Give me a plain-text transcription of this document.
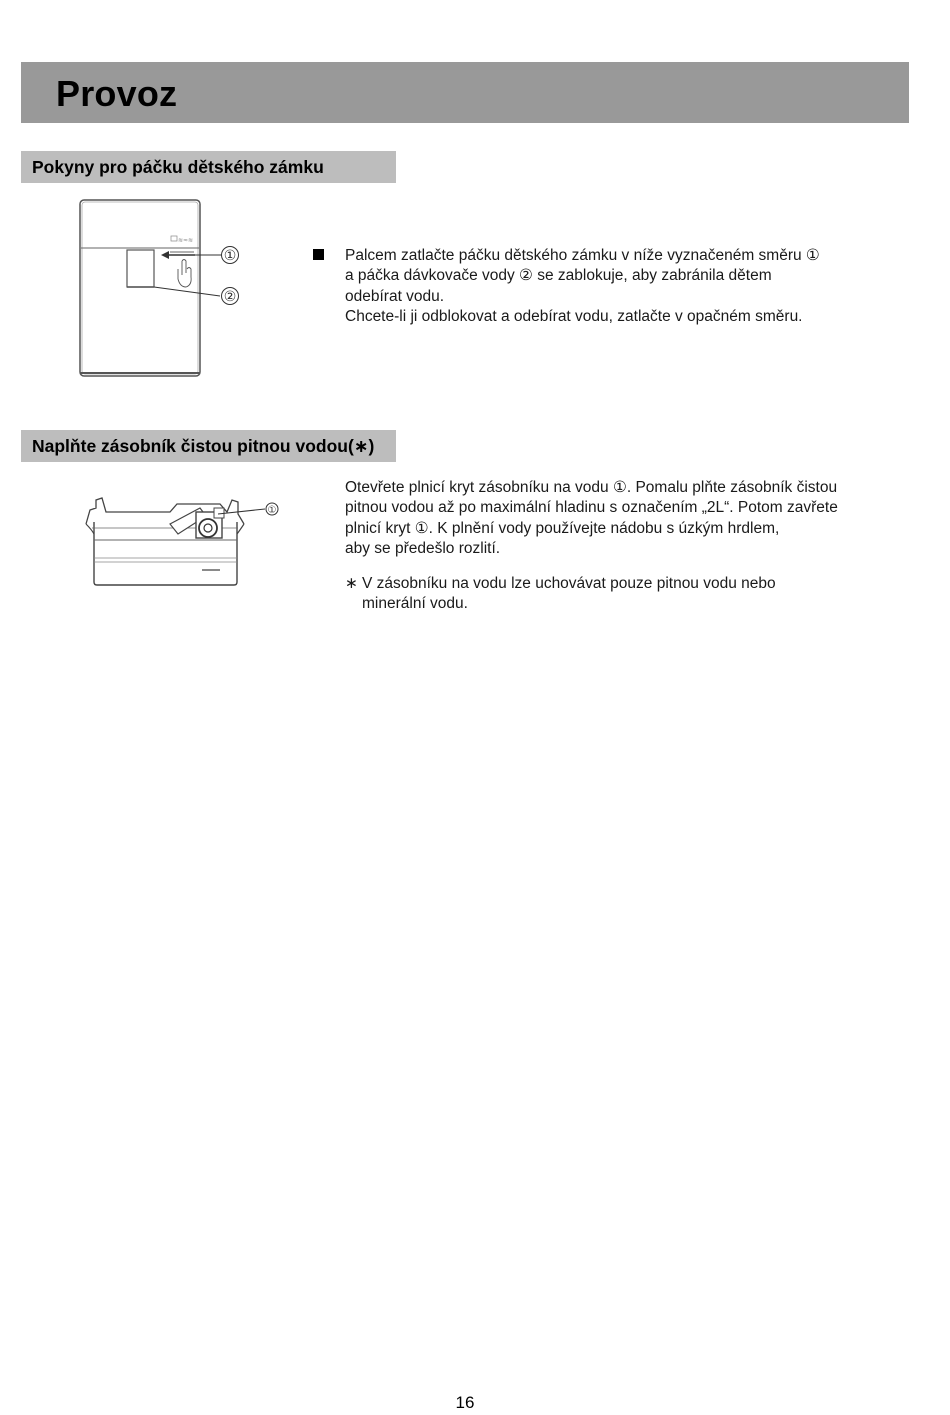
Provoz
Pokyny pro páčku dětského zámku
≋≈≋
①
②

Palcem zatlačte páčku dětského zámku v níže vyznačeném směru ①

a páčka dávkovače vody ② se zablokuje, aby zabránila dětem

odebírat vodu.

Chcete-li ji odblokovat a odebírat vodu, zatlačte v opačném směru.

Naplňte zásobník čistou pitnou vodou(∗)
①

Otevřete plnicí kryt zásobníku na vodu ①. Pomalu plňte zásobník čistou

pitnou vodou až po maximální hladinu s označením „2L“. Potom zavřete

plnicí kryt ①. K plnění vody používejte nádobu s úzkým hrdlem,

aby se předešlo rozlití.

∗ V zásobníku na vodu lze uchovávat pouze pitnou vodu nebo
minerální vodu.
16
